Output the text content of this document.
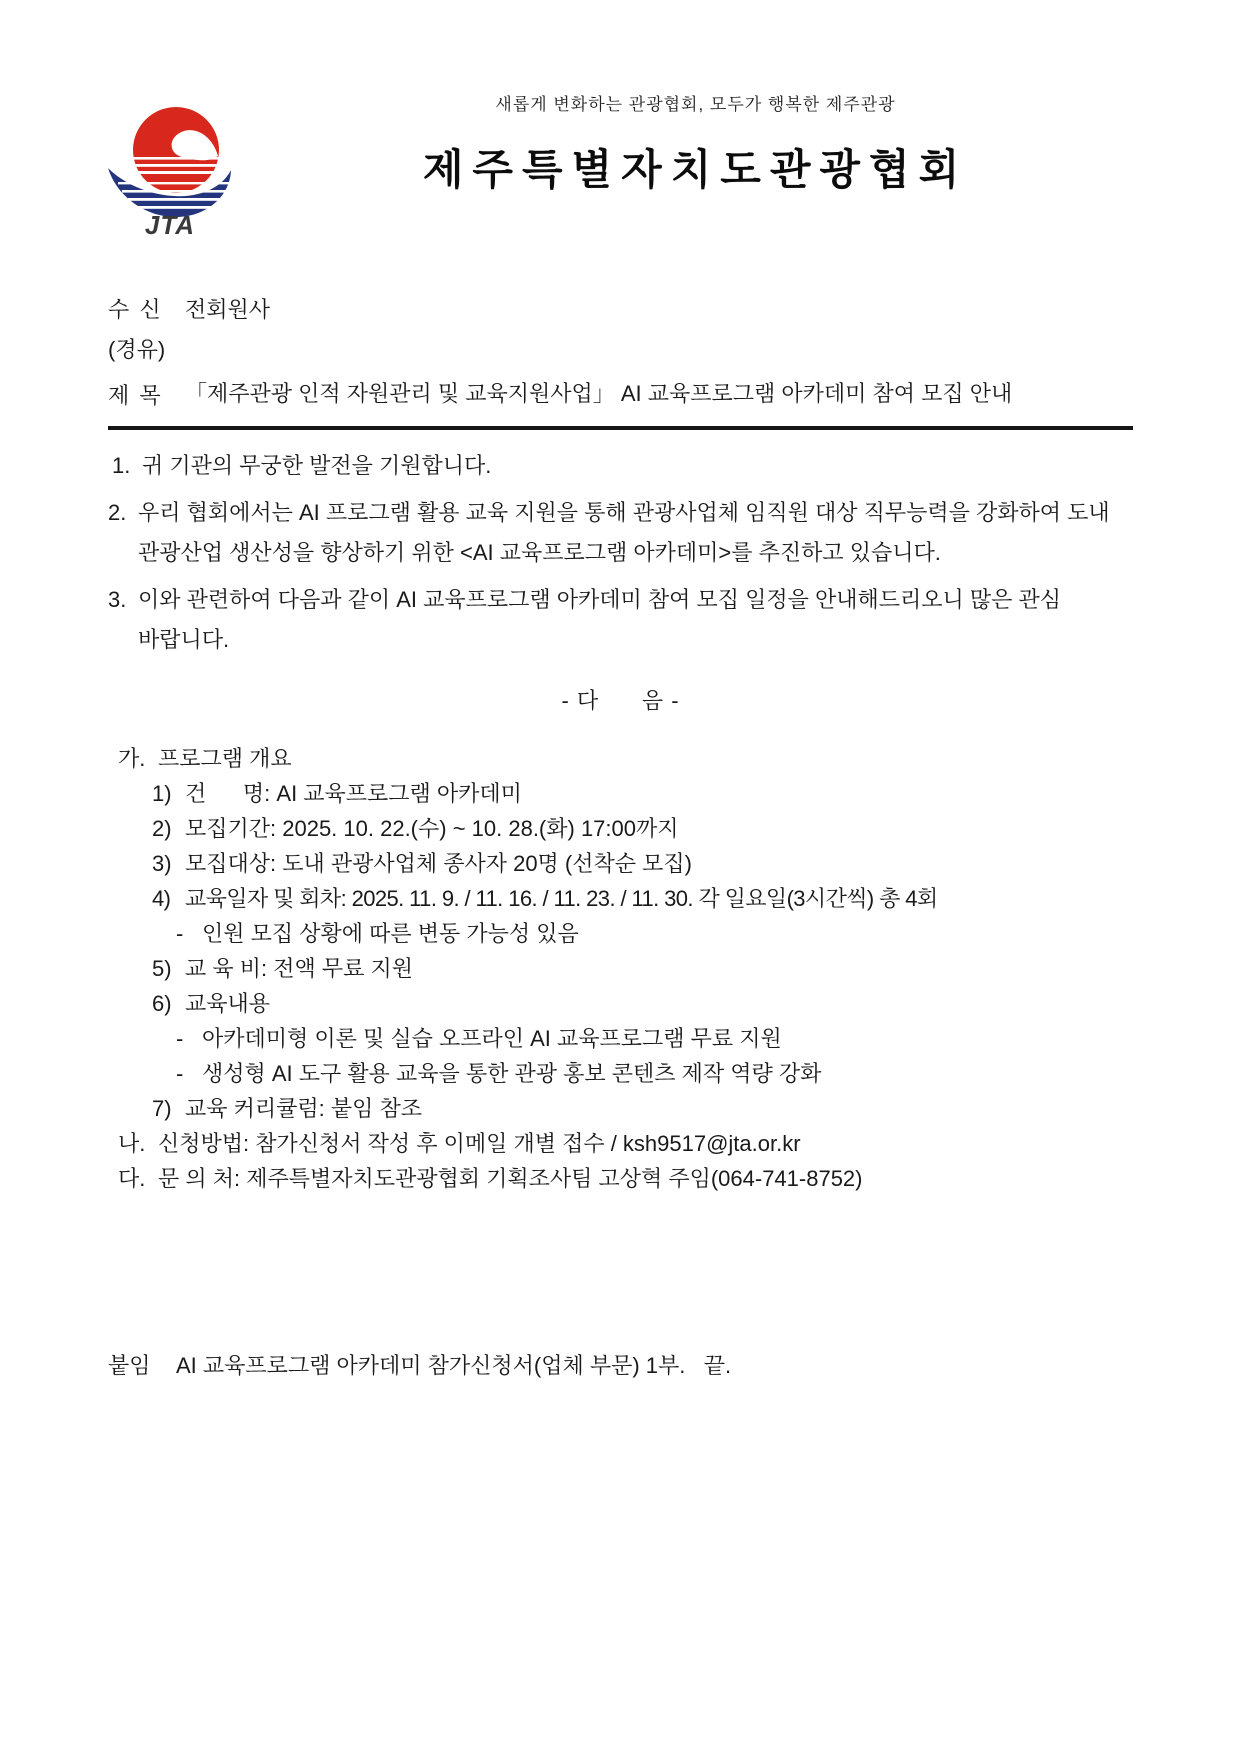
JTA
새롭게 변화하는 관광협회, 모두가 행복한 제주관광
제주특별자치도관광협회
수 신	전회원사
(경유)
제 목	「제주관광 인적 자원관리 및 교육지원사업」 AI 교육프로그램 아카데미 참여 모집 안내
1. 귀 기관의 무궁한 발전을 기원합니다.
2. 우리 협회에서는 AI 프로그램 활용 교육 지원을 통해 관광사업체 임직원 대상 직무능력을 강화하여 도내 관광산업 생산성을 향상하기 위한 <AI 교육프로그램 아카데미>를 추진하고 있습니다.
3. 이와 관련하여 다음과 같이 AI 교육프로그램 아카데미 참여 모집 일정을 안내해드리오니 많은 관심 바랍니다.
- 다      음 -
가. 프로그램 개요
1) 건      명: AI 교육프로그램 아카데미
2) 모집기간: 2025. 10. 22.(수) ~ 10. 28.(화) 17:00까지
3) 모집대상: 도내 관광사업체 종사자 20명 (선착순 모집)
4) 교육일자 및 회차: 2025. 11. 9. / 11. 16. / 11. 23. / 11. 30. 각 일요일(3시간씩) 총 4회
- 인원 모집 상황에 따른 변동 가능성 있음
5) 교 육 비: 전액 무료 지원
6) 교육내용
- 아카데미형 이론 및 실습 오프라인 AI 교육프로그램 무료 지원
- 생성형 AI 도구 활용 교육을 통한 관광 홍보 콘텐츠 제작 역량 강화
7) 교육 커리큘럼: 붙임 참조
나. 신청방법: 참가신청서 작성 후 이메일 개별 접수 / ksh9517@jta.or.kr
다. 문 의 처: 제주특별자치도관광협회 기획조사팀 고상혁 주임(064-741-8752)
붙임	AI 교육프로그램 아카데미 참가신청서(업체 부문) 1부.   끝.
